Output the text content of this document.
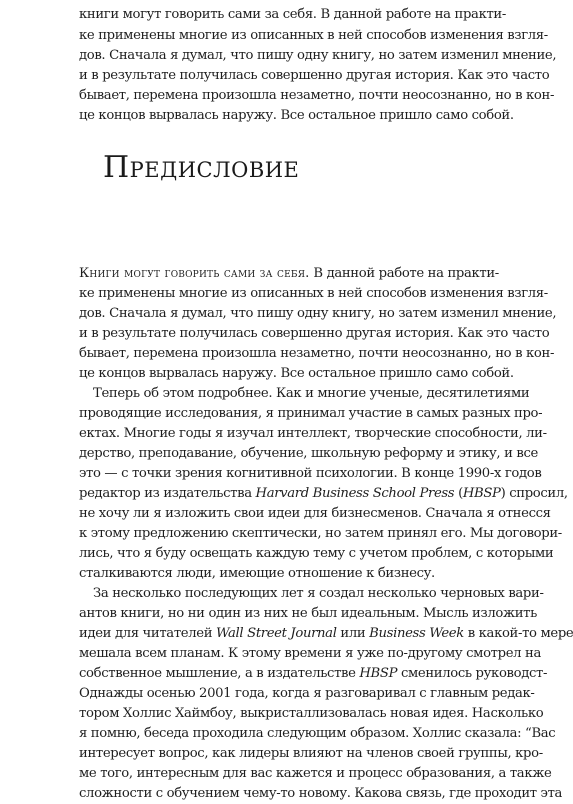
книги могут говорить сами за себя. В данной работе на практи-
ке применены многие из описанных в ней способов изменения взгля-
дов. Сначала я думал, что пишу одну книгу, но затем изменил мнение,
и в результате получилась совершенно другая история. Как это часто
бывает, перемена произошла незаметно, почти неосознанно, но в кон-
це концов вырвалась наружу. Все остальное пришло само собой.
Предисловие
Книги могут говорить сами за себя. В данной работе на практи-
ке применены многие из описанных в ней способов изменения взгля-
дов. Сначала я думал, что пишу одну книгу, но затем изменил мнение,
и в результате получилась совершенно другая история. Как это часто
бывает, перемена произошла незаметно, почти неосознанно, но в кон-
це концов вырвалась наружу. Все остальное пришло само собой.
Теперь об этом подробнее. Как и многие ученые, десятилетиями
проводящие исследования, я принимал участие в самых разных про-
ектах. Многие годы я изучал интеллект, творческие способности, ли-
дерство, преподавание, обучение, школьную реформу и этику, и все
это — с точки зрения когнитивной психологии. В конце 1990-х годов
редактор из издательства Harvard Business School Press (HBSP) спросил,
не хочу ли я изложить свои идеи для бизнесменов. Сначала я отнесся
к этому предложению скептически, но затем принял его. Мы договори-
лись, что я буду освещать каждую тему с учетом проблем, с которыми
сталкиваются люди, имеющие отношение к бизнесу.
За несколько последующих лет я создал несколько черновых вари-
антов книги, но ни один из них не был идеальным. Мысль изложить
идеи для читателей Wall Street Journal или Business Week в какой-то мере
мешала всем планам. К этому времени я уже по-другому смотрел на
собственное мышление, а в издательстве HBSP сменилось руководст-
Однажды осенью 2001 года, когда я разговаривал с главным редак-
тором Холлис Хаймбоу, выкристаллизовалась новая идея. Насколько
я помню, беседа проходила следующим образом. Холлис сказала: “Вас
интересует вопрос, как лидеры влияют на членов своей группы, кро-
ме того, интересным для вас кажется и процесс образования, а также
сложности с обучением чему-то новому. Какова связь, где проходит эта
